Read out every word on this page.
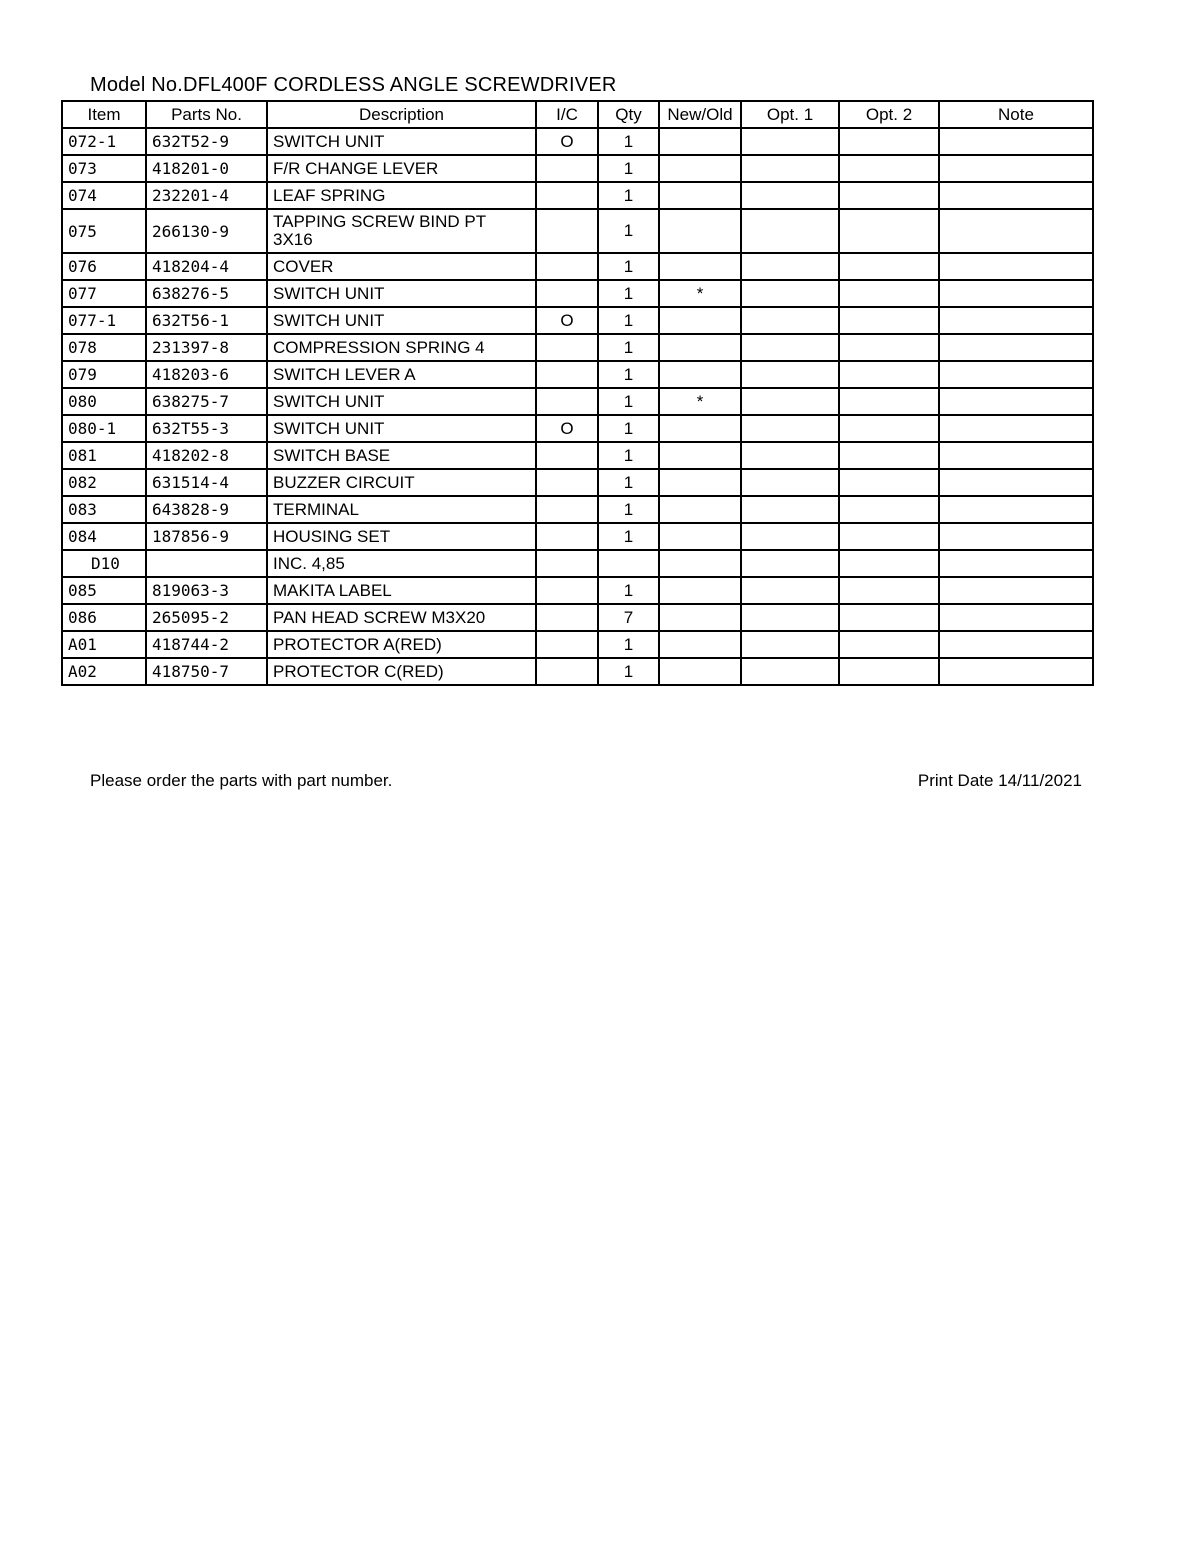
Model No.DFL400F CORDLESS ANGLE SCREWDRIVER
Item	Parts No.	Description	I/C	Qty	New/Old	Opt. 1	Opt. 2	Note
072-1	632T52-9	SWITCH UNIT	O	1				
073	418201-0	F/R CHANGE LEVER		1				
074	232201-4	LEAF SPRING		1				
075	266130-9	TAPPING SCREW BIND PT 3X16		1				
076	418204-4	COVER		1				
077	638276-5	SWITCH UNIT		1	*			
077-1	632T56-1	SWITCH UNIT	O	1				
078	231397-8	COMPRESSION SPRING 4		1				
079	418203-6	SWITCH LEVER A		1				
080	638275-7	SWITCH UNIT		1	*			
080-1	632T55-3	SWITCH UNIT	O	1				
081	418202-8	SWITCH BASE		1				
082	631514-4	BUZZER CIRCUIT		1				
083	643828-9	TERMINAL		1				
084	187856-9	HOUSING SET		1				
D10		INC. 4,85						
085	819063-3	MAKITA LABEL		1				
086	265095-2	PAN HEAD SCREW M3X20		7				
A01	418744-2	PROTECTOR A(RED)		1				
A02	418750-7	PROTECTOR C(RED)		1				
Please order the parts with part number.	Print Date 14/11/2021
